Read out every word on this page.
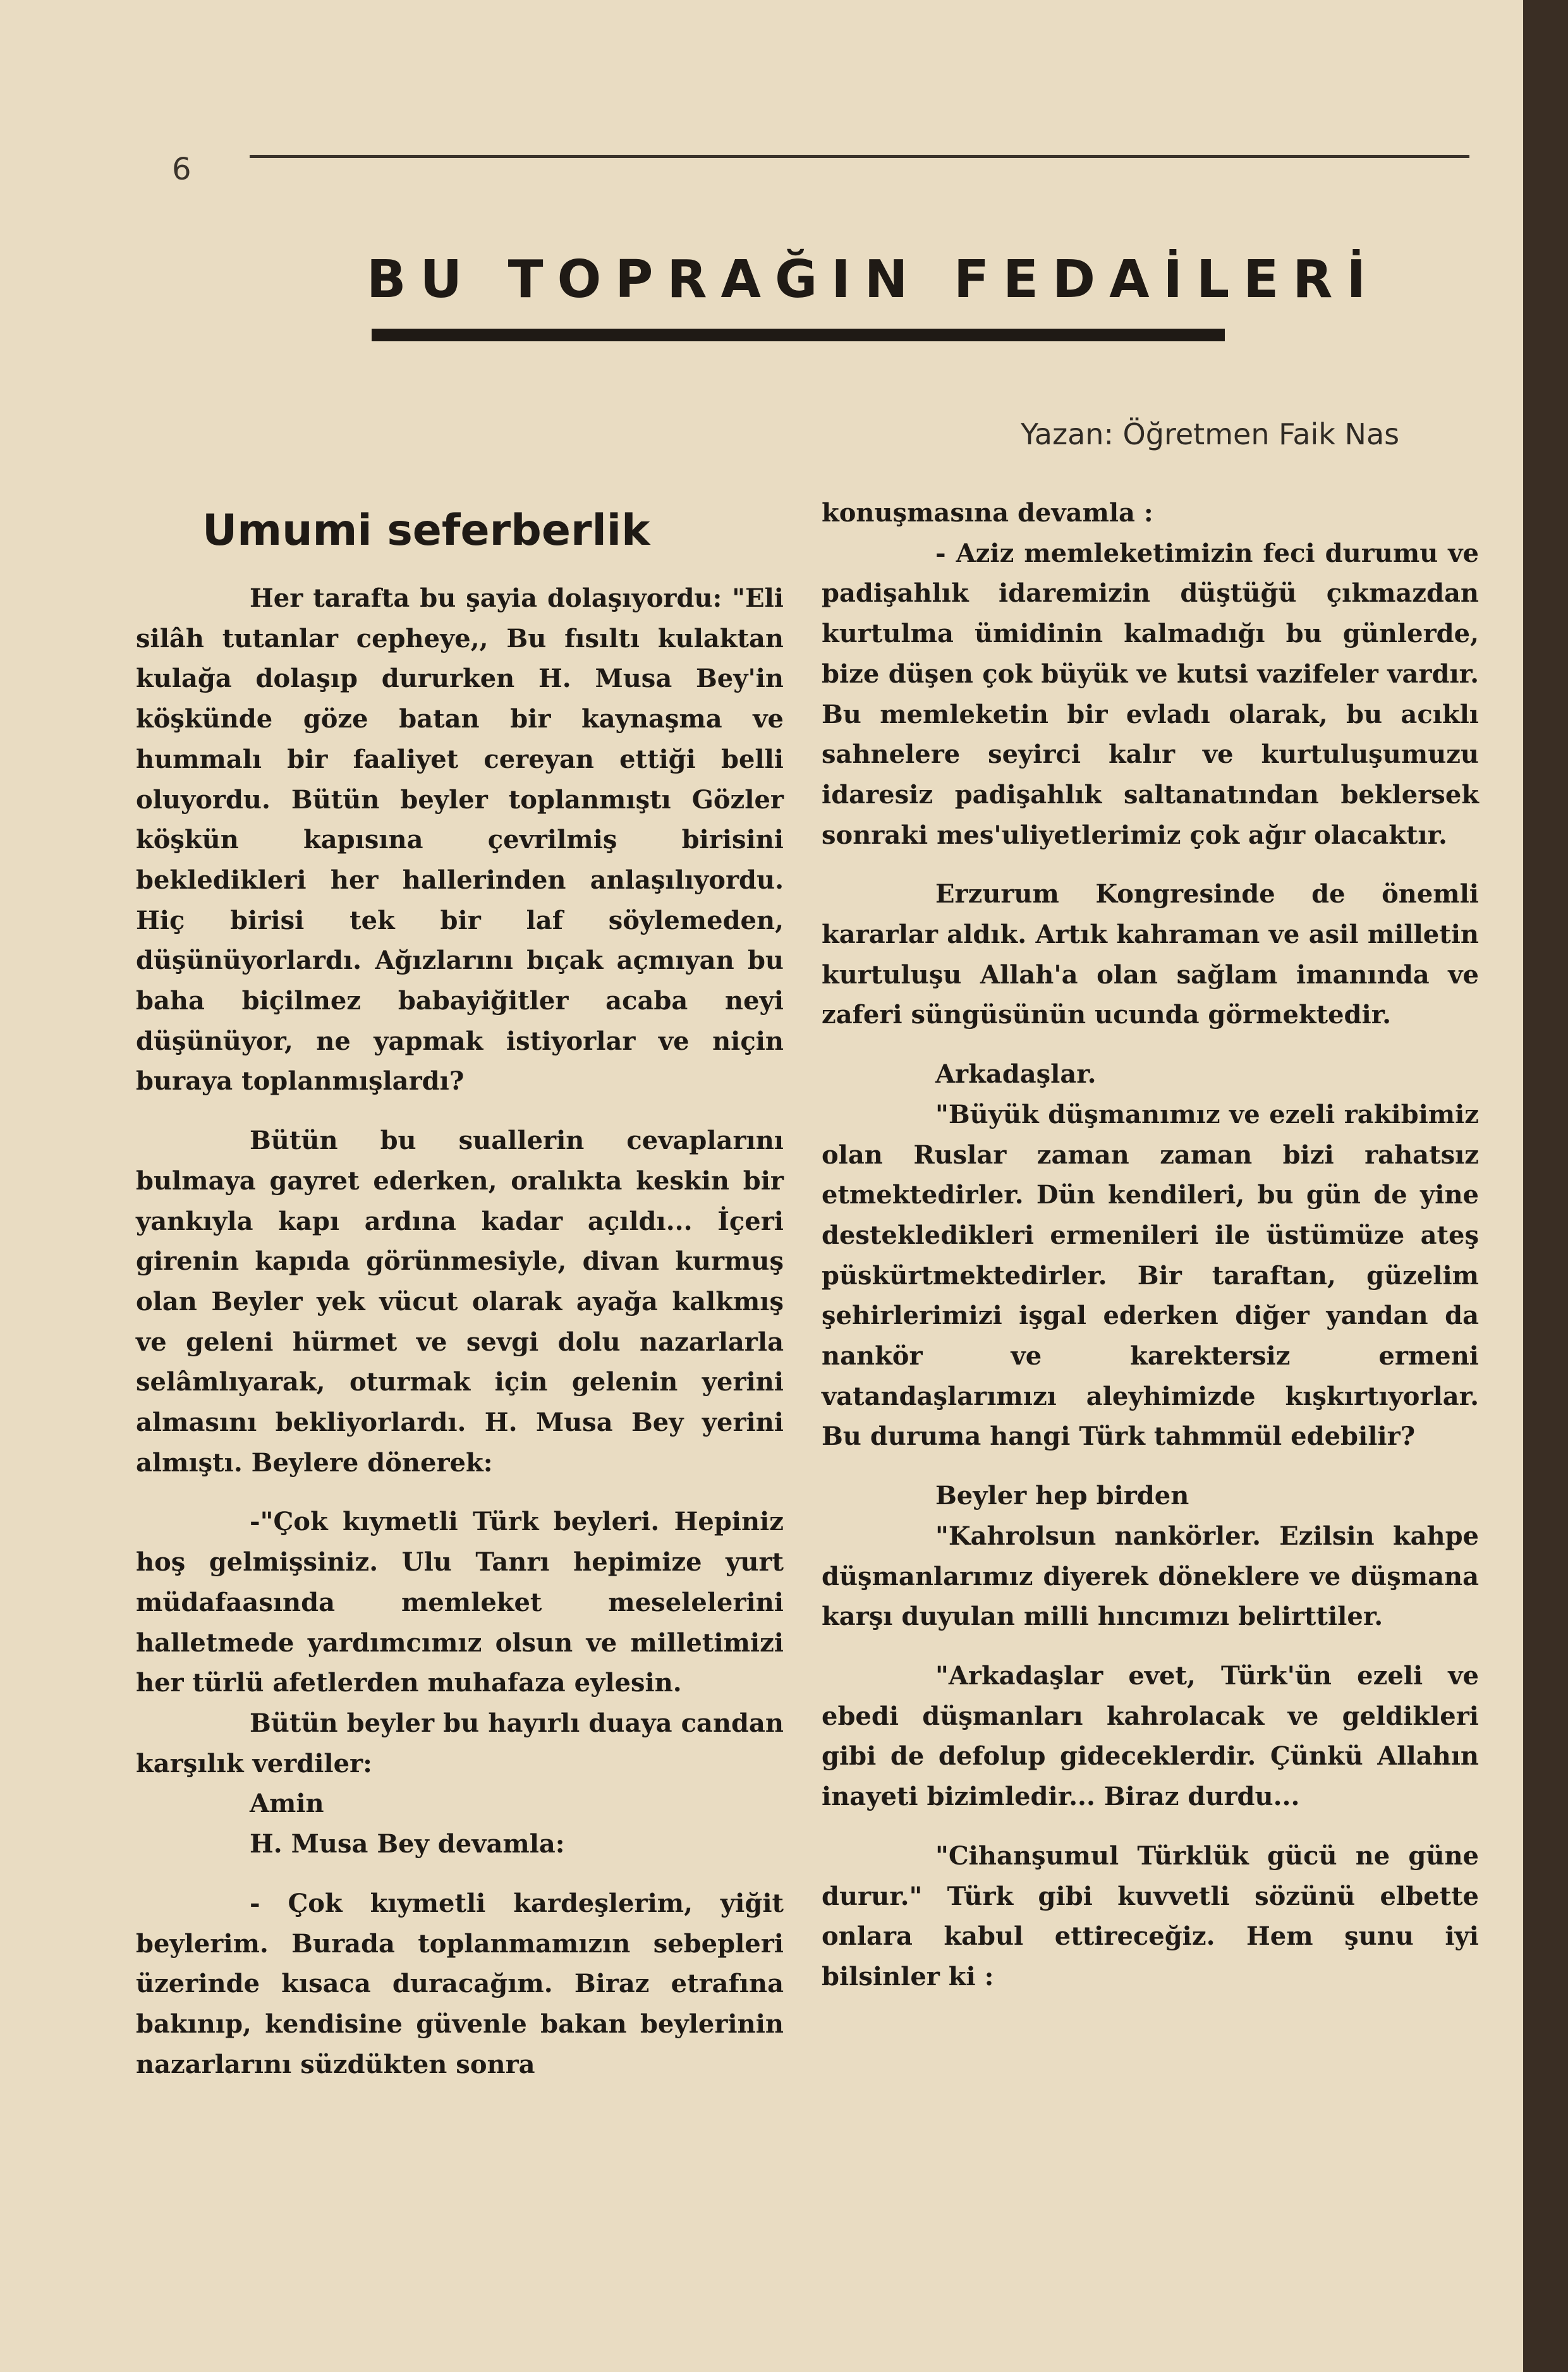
6
BU TOPRAĞIN FEDAİLERİ
Yazan: Öğretmen Faik Nas
Umumi seferberlik

Her tarafta bu şayia dolaşıyordu: "Eli silâh tutanlar cepheye,, Bu fısıltı kulaktan kulağa dolaşıp dururken H. Musa Bey'in köşkünde göze batan bir kaynaşma ve hummalı bir faaliyet cereyan ettiği belli oluyordu. Bütün beyler toplanmıştı Gözler köşkün kapısına çevrilmiş birisini bekledikleri her hallerinden anlaşılıyordu. Hiç birisi tek bir laf söylemeden, düşünüyorlardı. Ağızlarını bıçak açmıyan bu baha biçilmez babayiğitler acaba neyi düşünüyor, ne yapmak istiyorlar ve niçin buraya toplanmışlardı?

Bütün bu suallerin cevaplarını bulmaya gayret ederken, oralıkta keskin bir yankıyla kapı ardına kadar açıldı... İçeri girenin kapıda görünmesiyle, divan kurmuş olan Beyler yek vücut olarak ayağa kalkmış ve geleni hürmet ve sevgi dolu nazarlarla selâmlıyarak, oturmak için gelenin yerini almasını bekliyorlardı. H. Musa Bey yerini almıştı. Beylere dönerek:

-"Çok kıymetli Türk beyleri. Hepiniz hoş gelmişsiniz. Ulu Tanrı hepimize yurt müdafaasında memleket meselelerini halletmede yardımcımız olsun ve milletimizi her türlü afetlerden muhafaza eylesin.

Bütün beyler bu hayırlı duaya candan karşılık verdiler:

Amin

H. Musa Bey devamla:

- Çok kıymetli kardeşlerim, yiğit beylerim. Burada toplanmamızın sebepleri üzerinde kısaca duracağım. Biraz etrafına bakınıp, kendisine güvenle bakan beylerinin nazarlarını süzdükten sonra

konuşmasına devamla :

- Aziz memleketimizin feci durumu ve padişahlık idaremizin düştüğü çıkmazdan kurtulma ümidinin kalmadığı bu günlerde, bize düşen çok büyük ve kutsi vazifeler vardır. Bu memleketin bir evladı olarak, bu acıklı sahnelere seyirci kalır ve kurtuluşumuzu idaresiz padişahlık saltanatından beklersek sonraki mes'uliyetlerimiz çok ağır olacaktır.

Erzurum Kongresinde de önemli kararlar aldık. Artık kahraman ve asil milletin kurtuluşu Allah'a olan sağlam imanında ve zaferi süngüsünün ucunda görmektedir.

Arkadaşlar.

"Büyük düşmanımız ve ezeli rakibimiz olan Ruslar zaman zaman bizi rahatsız etmektedirler. Dün kendileri, bu gün de yine destekledikleri ermenileri ile üstümüze ateş püskürtmektedirler. Bir taraftan, güzelim şehirlerimizi işgal ederken diğer yandan da nankör ve karektersiz ermeni vatandaşlarımızı aleyhimizde kışkırtıyorlar. Bu duruma hangi Türk tahmmül edebilir?

Beyler hep birden

"Kahrolsun nankörler. Ezilsin kahpe düşmanlarımız diyerek döneklere ve düşmana karşı duyulan milli hıncımızı belirttiler.

"Arkadaşlar evet, Türk'ün ezeli ve ebedi düşmanları kahrolacak ve geldikleri gibi de defolup gideceklerdir. Çünkü Allahın inayeti bizimledir... Biraz durdu...

"Cihanşumul Türklük gücü ne güne durur." Türk gibi kuvvetli sözünü elbette onlara kabul ettireceğiz. Hem şunu iyi bilsinler ki :
